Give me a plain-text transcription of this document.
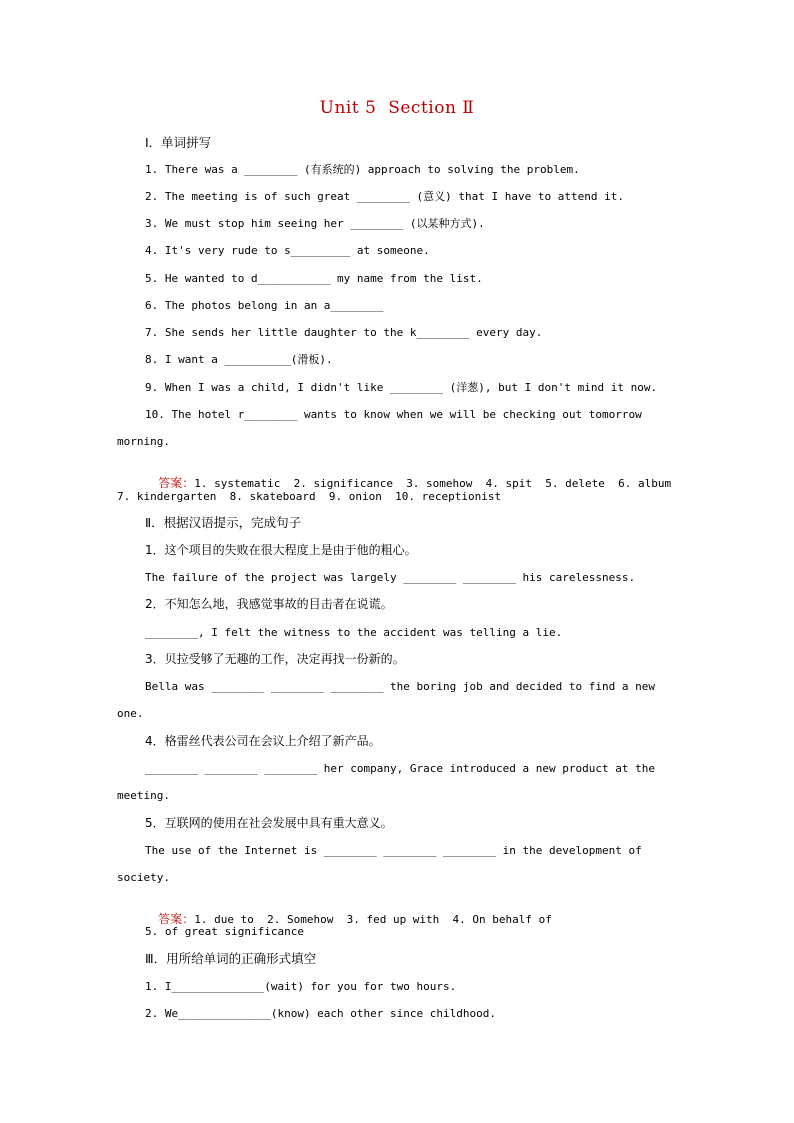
Unit 5  Section Ⅱ
Ⅰ．单词拼写
1. There was a ________ (有系统的) approach to solving the problem.
2. The meeting is of such great ________ (意义) that I have to attend it.
3. We must stop him seeing her ________ (以某种方式).
4. It's very rude to s_________ at someone.
5. He wanted to d___________ my name from the list.
6. The photos belong in an a________
7. She sends her little daughter to the k________ every day.
8. I want a __________(滑板).
9. When I was a child, I didn't like ________ (洋葱), but I don't mind it now.
10. The hotel r________ wants to know when we will be checking out tomorrow
morning.

答案：1. systematic  2. significance  3. somehow  4. spit  5. delete  6. album

7. kindergarten  8. skateboard  9. onion  10. receptionist
Ⅱ．根据汉语提示，完成句子
1．这个项目的失败在很大程度上是由于他的粗心。
The failure of the project was largely ________ ________ his carelessness.
2．不知怎么地，我感觉事故的目击者在说谎。
________, I felt the witness to the accident was telling a lie.
3．贝拉受够了无趣的工作，决定再找一份新的。
Bella was ________ ________ ________ the boring job and decided to find a new
one.
4．格雷丝代表公司在会议上介绍了新产品。
________ ________ ________ her company, Grace introduced a new product at the
meeting.
5．互联网的使用在社会发展中具有重大意义。
The use of the Internet is ________ ________ ________ in the development of
society.

答案：1. due to  2. Somehow  3. fed up with  4. On behalf of

5. of great significance
Ⅲ．用所给单词的正确形式填空
1. I______________(wait) for you for two hours.
2. We______________(know) each other since childhood.
